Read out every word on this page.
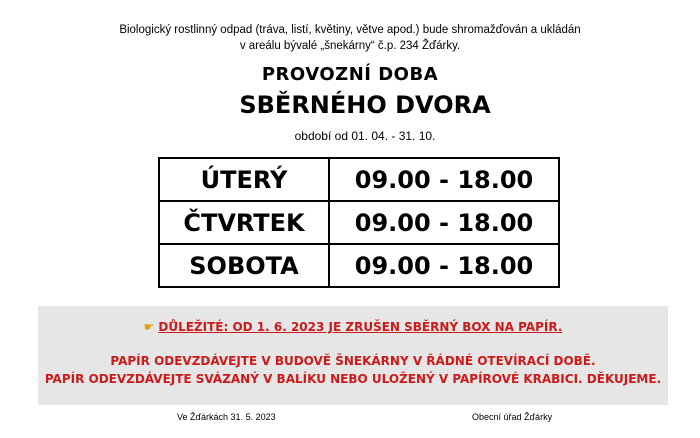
Biologický rostlinný odpad (tráva, listí, květiny, větve apod.) bude shromažďován a ukládán
v areálu bývalé „šnekárny“ č.p. 234 Žďárky.
PROVOZNÍ DOBA
SBĚRNÉHO DVORA
období od 01. 04. - 31. 10.
ÚTERÝ	09.00 - 18.00
ČTVRTEK	09.00 - 18.00
SOBOTA	09.00 - 18.00
☛ DŮLEŽITÉ: OD 1. 6. 2023 JE ZRUŠEN SBĚRNÝ BOX NA PAPÍR.
PAPÍR ODEVZDÁVEJTE V BUDOVĚ ŠNEKÁRNY V ŘÁDNÉ OTEVÍRACÍ DOBĚ.
PAPÍR ODEVZDÁVEJTE SVÁZANÝ V BALÍKU NEBO ULOŽENÝ V PAPÍROVÉ KRABICI. DĚKUJEME.
Ve Žďárkách 31. 5. 2023	Obecní úřad Žďárky
